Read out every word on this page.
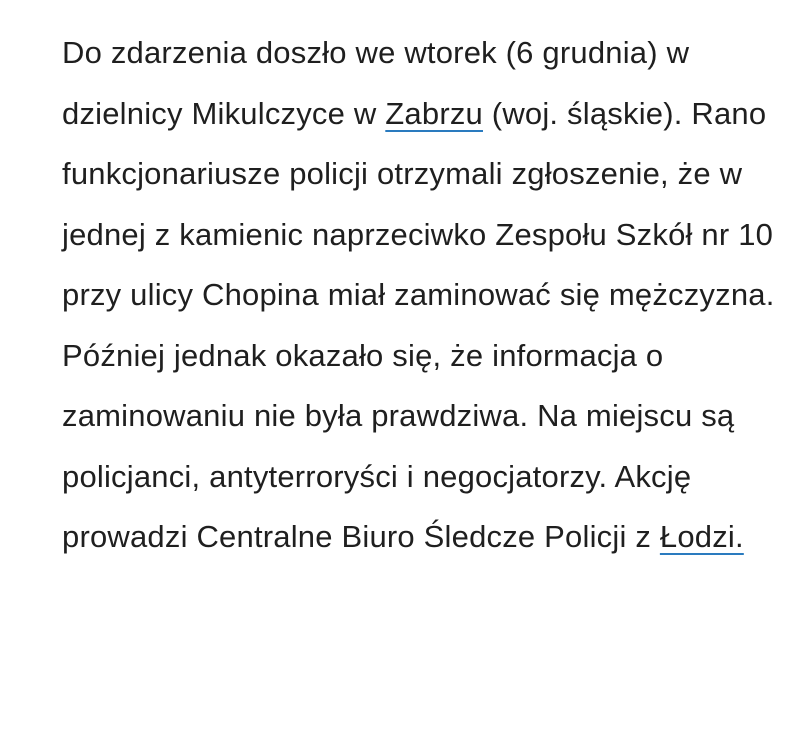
Do zdarzenia doszło we wtorek (6 grudnia) w dzielnicy Mikulczyce w Zabrzu (woj. śląskie). Rano funkcjonariusze policji otrzymali zgłoszenie, że w jednej z kamienic naprzeciwko Zespołu Szkół nr 10 przy ulicy Chopina miał zaminować się mężczyzna. Później jednak okazało się, że informacja o zaminowaniu nie była prawdziwa. Na miejscu są policjanci, antyterroryści i negocjatorzy. Akcję prowadzi Centralne Biuro Śledcze Policji z Łodzi.
